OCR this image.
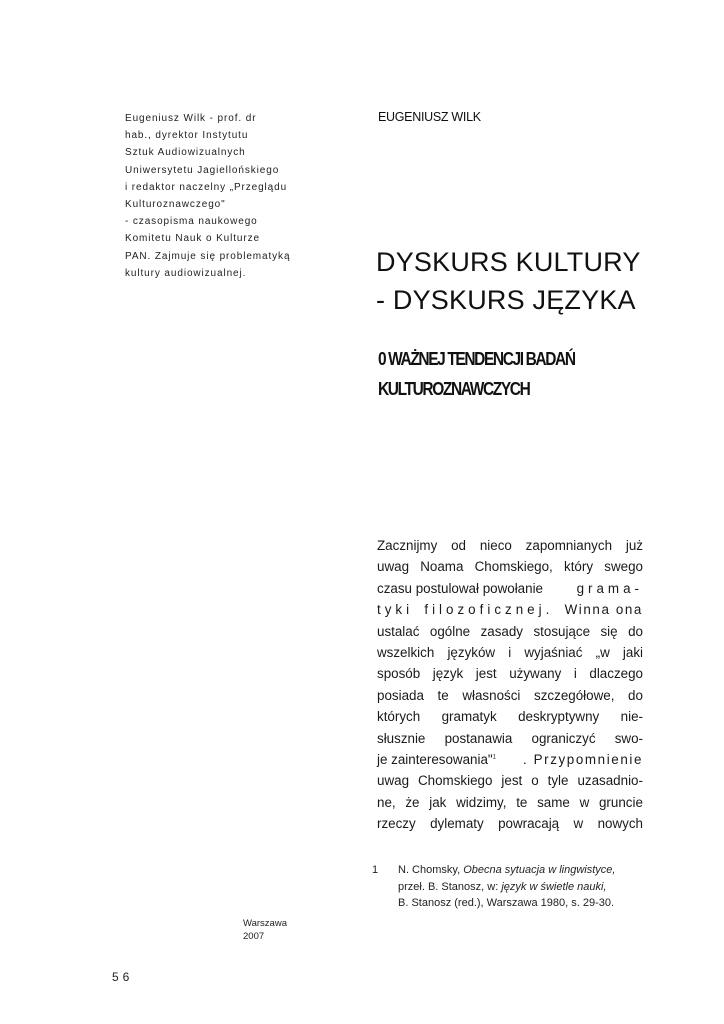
Eugeniusz Wilk - prof. dr
hab., dyrektor Instytutu
Sztuk Audiowizualnych
Uniwersytetu Jagiellońskiego
i redaktor naczelny „Przeglądu
Kulturoznawczego"
- czasopisma naukowego
Komitetu Nauk o Kulturze
PAN. Zajmuje się problematyką
kultury audiowizualnej.
EUGENIUSZ WILK
DYSKURS KULTURY
- DYSKURS JĘZYKA
0 WAŻNEJ TENDENCJI BADAŃ
KULTUROZNAWCZYCH
Zacznijmy od nieco zapomnianych już
uwag Noama Chomskiego, który swego
czasu postulował powołanie	grama-
tyki filozoficznej. Winna ona
ustalać ogólne zasady stosujące się do
wszelkich języków i wyjaśniać „w jaki
sposób język jest używany i dlaczego
posiada te własności szczegółowe, do
których gramatyk deskryptywny nie-
słusznie postanawia ograniczyć swo-
je zainteresowania"$^1$ . Przypomnienie
uwag Chomskiego jest o tyle uzasadnio-
ne, że jak widzimy, te same w gruncie
rzeczy dylematy powracają w nowych
1 N. Chomsky, Obecna sytuacja w lingwistyce,
przeł. B. Stanosz, w: język w świetle nauki,
B. Stanosz (red.), Warszawa 1980, s. 29-30.
Warszawa
2007
56
